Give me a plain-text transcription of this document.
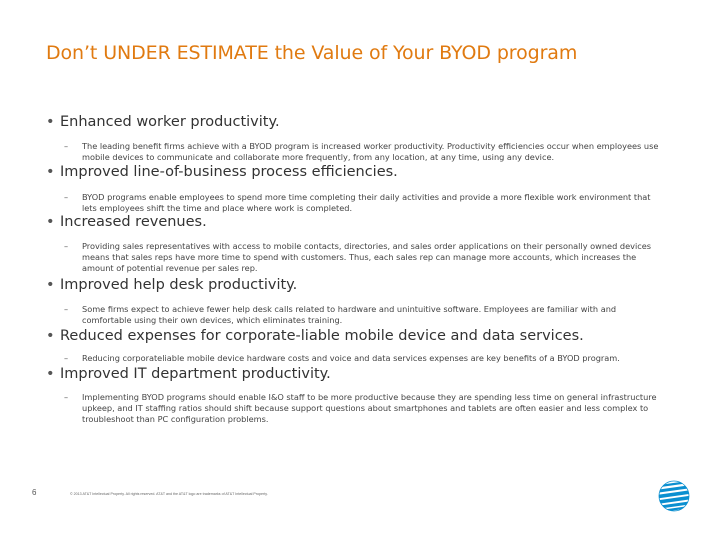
Don’t UNDER ESTIMATE the Value of Your BYOD program
• Enhanced worker productivity.
–	The leading benefit firms achieve with a BYOD program is increased worker productivity. Productivity efficiencies occur when employees use mobile devices to communicate and collaborate more frequently, from any location, at any time, using any device.
• Improved line-of-business process efficiencies.
–	BYOD programs enable employees to spend more time completing their daily activities and provide a more flexible work environment that lets employees shift the time and place where work is completed.
• Increased revenues.
–	Providing sales representatives with access to mobile contacts, directories, and sales order applications on their personally owned devices means that sales reps have more time to spend with customers. Thus, each sales rep can manage more accounts, which increases the amount of potential revenue per sales rep.
• Improved help desk productivity.
–	Some firms expect to achieve fewer help desk calls related to hardware and unintuitive software. Employees are familiar with and comfortable using their own devices, which eliminates training.
• Reduced expenses for corporate-liable mobile device and data services.
–	Reducing corporateliable mobile device hardware costs and voice and data services expenses are key benefits of a BYOD program.
• Improved IT department productivity.
–	Implementing BYOD programs should enable I&O staff to be more productive because they are spending less time on general infrastructure upkeep, and IT staffing ratios should shift because support questions about smartphones and tablets are often easier and less complex to troubleshoot than PC configuration problems.
6	© 2013 AT&T Intellectual Property. All rights reserved. AT&T and the AT&T logo are trademarks of AT&T Intellectual Property.
